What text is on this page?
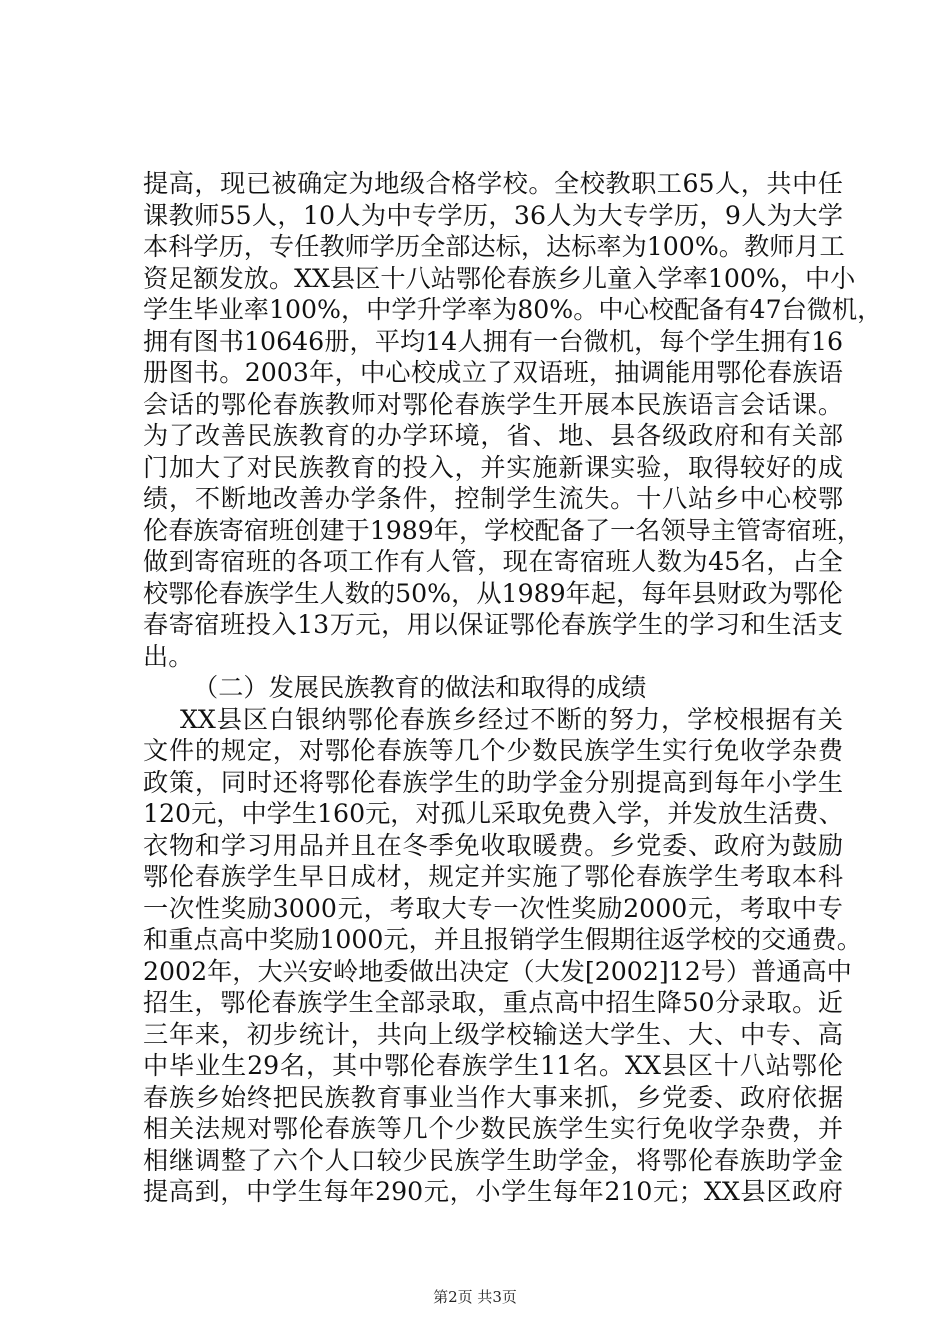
提高，现已被确定为地级合格学校。全校教职工65人，共中任
课教师55人，10人为中专学历，36人为大专学历，9人为大学
本科学历，专任教师学历全部达标，达标率为100%。教师月工
资足额发放。XX县区十八站鄂伦春族乡儿童入学率100%，中小
学生毕业率100%，中学升学率为80%。中心校配备有47台微机，
拥有图书10646册，平均14人拥有一台微机，每个学生拥有16
册图书。2003年，中心校成立了双语班，抽调能用鄂伦春族语
会话的鄂伦春族教师对鄂伦春族学生开展本民族语言会话课。
为了改善民族教育的办学环境，省、地、县各级政府和有关部
门加大了对民族教育的投入，并实施新课实验，取得较好的成
绩，不断地改善办学条件，控制学生流失。十八站乡中心校鄂
伦春族寄宿班创建于1989年，学校配备了一名领导主管寄宿班，
做到寄宿班的各项工作有人管，现在寄宿班人数为45名，占全
校鄂伦春族学生人数的50%，从1989年起，每年县财政为鄂伦
春寄宿班投入13万元，用以保证鄂伦春族学生的学习和生活支
出。
（二）发展民族教育的做法和取得的成绩
XX县区白银纳鄂伦春族乡经过不断的努力，学校根据有关
文件的规定，对鄂伦春族等几个少数民族学生实行免收学杂费
政策，同时还将鄂伦春族学生的助学金分别提高到每年小学生
120元，中学生160元，对孤儿采取免费入学，并发放生活费、
衣物和学习用品并且在冬季免收取暖费。乡党委、政府为鼓励
鄂伦春族学生早日成材，规定并实施了鄂伦春族学生考取本科
一次性奖励3000元，考取大专一次性奖励2000元，考取中专
和重点高中奖励1000元，并且报销学生假期往返学校的交通费。
2002年，大兴安岭地委做出决定（大发[2002]12号）普通高中
招生，鄂伦春族学生全部录取，重点高中招生降50分录取。近
三年来，初步统计，共向上级学校输送大学生、大、中专、高
中毕业生29名，其中鄂伦春族学生11名。XX县区十八站鄂伦
春族乡始终把民族教育事业当作大事来抓，乡党委、政府依据
相关法规对鄂伦春族等几个少数民族学生实行免收学杂费，并
相继调整了六个人口较少民族学生助学金，将鄂伦春族助学金
提高到，中学生每年290元，小学生每年210元；XX县区政府
第2页 共3页
